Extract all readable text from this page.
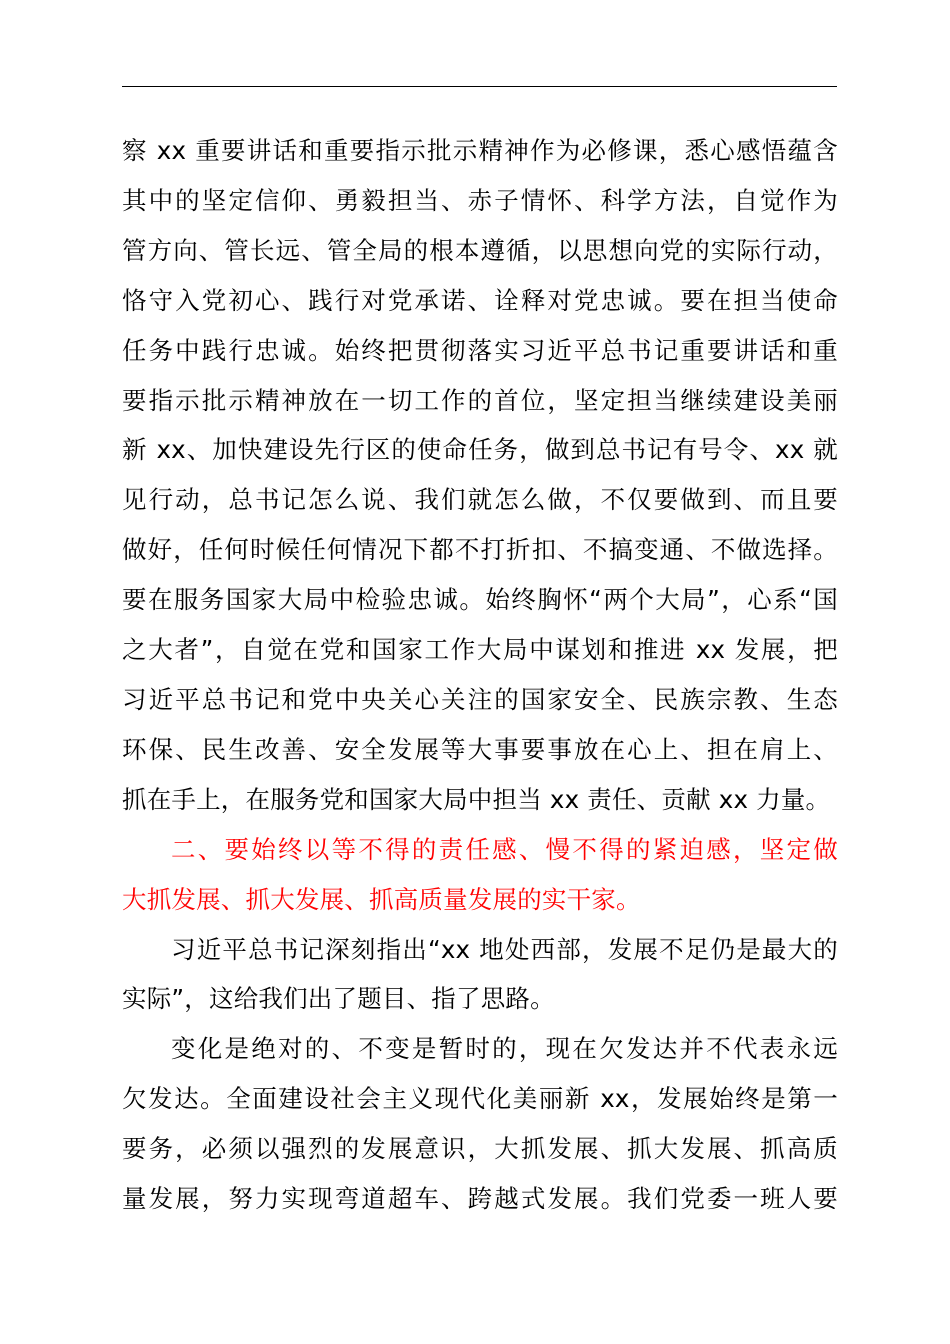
察 xx 重要讲话和重要指示批示精神作为必修课，悉心感悟蕴含
其中的坚定信仰、勇毅担当、赤子情怀、科学方法，自觉作为
管方向、管长远、管全局的根本遵循，以思想向党的实际行动，
恪守入党初心、践行对党承诺、诠释对党忠诚。要在担当使命
任务中践行忠诚。始终把贯彻落实习近平总书记重要讲话和重
要指示批示精神放在一切工作的首位，坚定担当继续建设美丽
新 xx、加快建设先行区的使命任务，做到总书记有号令、xx 就
见行动，总书记怎么说、我们就怎么做，不仅要做到、而且要
做好，任何时候任何情况下都不打折扣、不搞变通、不做选择。
要在服务国家大局中检验忠诚。始终胸怀“两个大局”，心系“国
之大者”，自觉在党和国家工作大局中谋划和推进 xx 发展，把
习近平总书记和党中央关心关注的国家安全、民族宗教、生态
环保、民生改善、安全发展等大事要事放在心上、担在肩上、
抓在手上，在服务党和国家大局中担当 xx 责任、贡献 xx 力量。

二、要始终以等不得的责任感、慢不得的紧迫感，坚定做
大抓发展、抓大发展、抓高质量发展的实干家。

习近平总书记深刻指出“xx 地处西部，发展不足仍是最大的
实际”，这给我们出了题目、指了思路。

变化是绝对的、不变是暂时的，现在欠发达并不代表永远
欠发达。全面建设社会主义现代化美丽新 xx，发展始终是第一
要务，必须以强烈的发展意识，大抓发展、抓大发展、抓高质
量发展，努力实现弯道超车、跨越式发展。我们党委一班人要
